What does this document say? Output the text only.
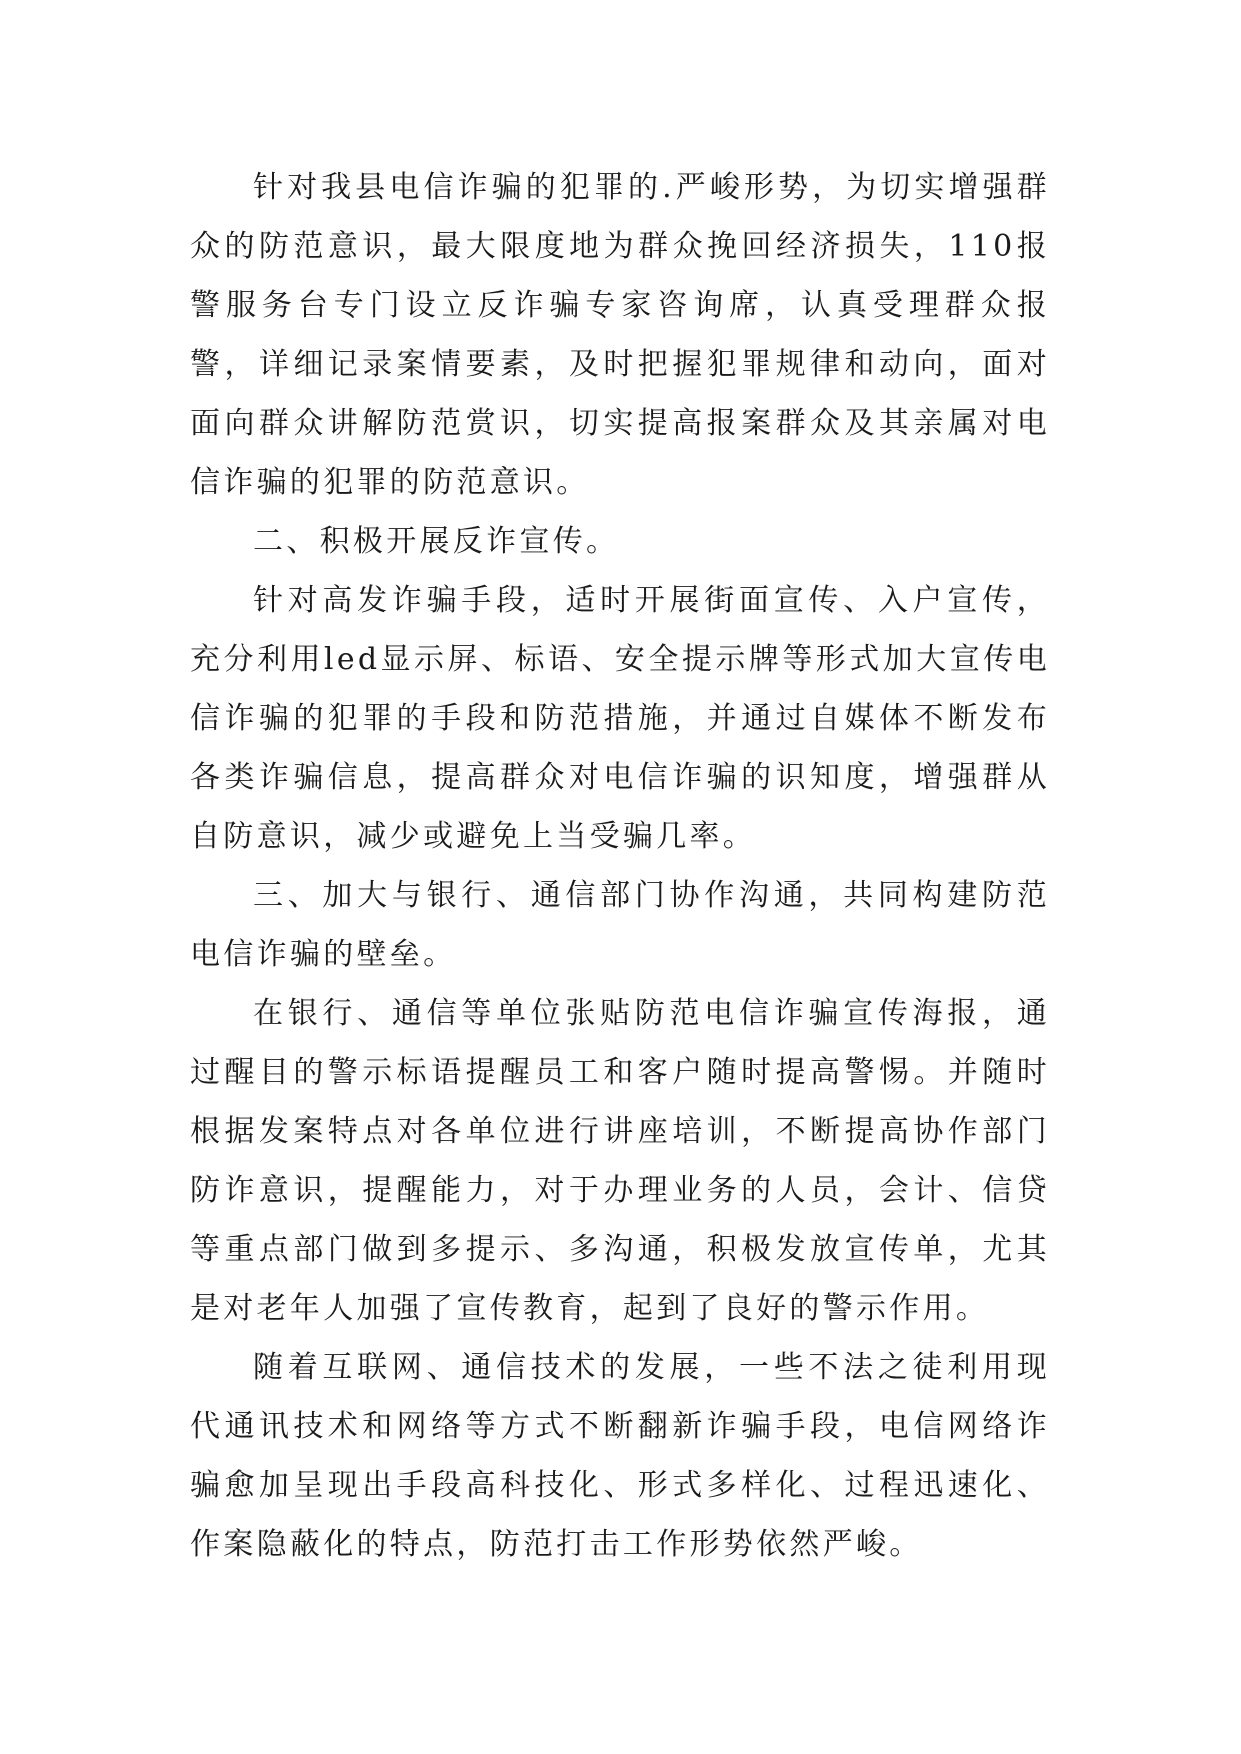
针对我县电信诈骗的犯罪的.严峻形势，为切实增强群众的防范意识，最大限度地为群众挽回经济损失，110报警服务台专门设立反诈骗专家咨询席，认真受理群众报警，详细记录案情要素，及时把握犯罪规律和动向，面对面向群众讲解防范赏识，切实提高报案群众及其亲属对电信诈骗的犯罪的防范意识。

二、积极开展反诈宣传。

针对高发诈骗手段，适时开展街面宣传、入户宣传，充分利用led显示屏、标语、安全提示牌等形式加大宣传电信诈骗的犯罪的手段和防范措施，并通过自媒体不断发布各类诈骗信息，提高群众对电信诈骗的识知度，增强群从自防意识，减少或避免上当受骗几率。

三、加大与银行、通信部门协作沟通，共同构建防范电信诈骗的壁垒。

在银行、通信等单位张贴防范电信诈骗宣传海报，通过醒目的警示标语提醒员工和客户随时提高警惕。并随时根据发案特点对各单位进行讲座培训，不断提高协作部门防诈意识，提醒能力，对于办理业务的人员，会计、信贷等重点部门做到多提示、多沟通，积极发放宣传单，尤其是对老年人加强了宣传教育，起到了良好的警示作用。

随着互联网、通信技术的发展，一些不法之徒利用现代通讯技术和网络等方式不断翻新诈骗手段，电信网络诈骗愈加呈现出手段高科技化、形式多样化、过程迅速化、作案隐蔽化的特点，防范打击工作形势依然严峻。
